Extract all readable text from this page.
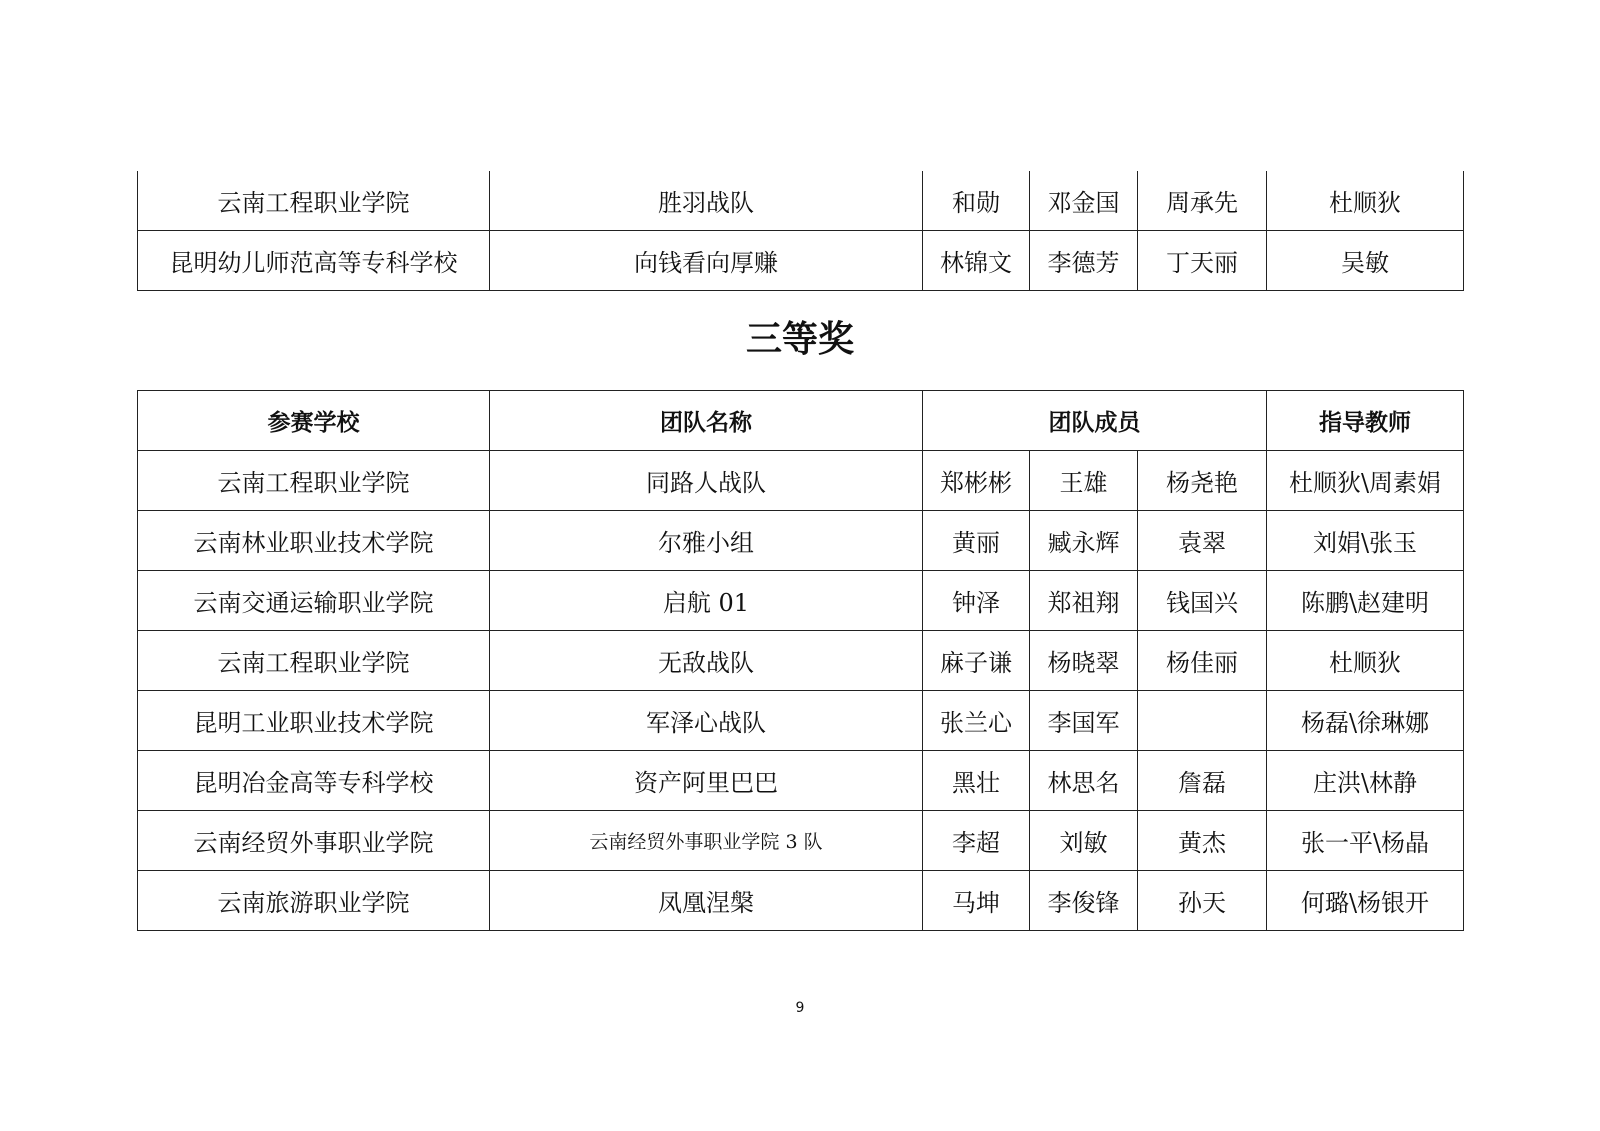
云南工程职业学院	胜羽战队	和勋	邓金国	周承先	杜顺狄
昆明幼儿师范高等专科学校	向钱看向厚赚	林锦文	李德芳	丁天丽	吴敏
三等奖
参赛学校	团队名称	团队成员			指导教师
云南工程职业学院	同路人战队	郑彬彬	王雄	杨尧艳	杜顺狄\周素娟
云南林业职业技术学院	尔雅小组	黄丽	臧永辉	袁翠	刘娟\张玉
云南交通运输职业学院	启航 01	钟泽	郑祖翔	钱国兴	陈鹏\赵建明
云南工程职业学院	无敌战队	麻子谦	杨晓翠	杨佳丽	杜顺狄
昆明工业职业技术学院	军泽心战队	张兰心	李国军		杨磊\徐琳娜
昆明冶金高等专科学校	资产阿里巴巴	黑壮	林思名	詹磊	庄洪\林静
云南经贸外事职业学院	云南经贸外事职业学院 3 队	李超	刘敏	黄杰	张一平\杨晶
云南旅游职业学院	凤凰涅槃	马坤	李俊锋	孙天	何璐\杨银开
9
